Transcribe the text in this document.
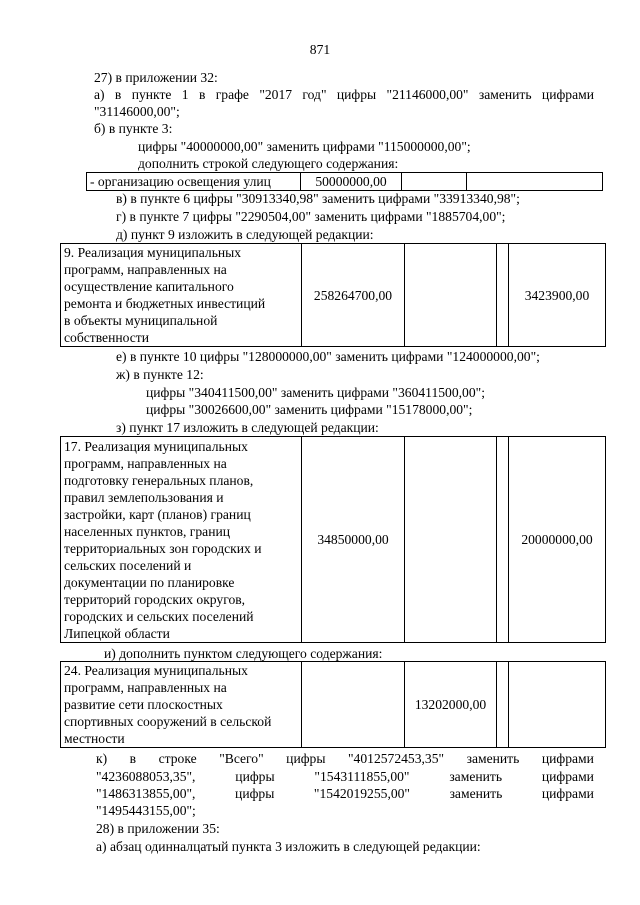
871
27) в приложении 32:
а) в пункте 1 в графе "2017 год" цифры "21146000,00" заменить цифрами
"31146000,00";
б) в пункте 3:
цифры "40000000,00" заменить цифрами "115000000,00";
дополнить строкой следующего содержания:
- организацию освещения улиц	50000000,00		
в) в пункте 6 цифры "30913340,98" заменить цифрами "33913340,98";
г) в пункте 7 цифры "2290504,00" заменить цифрами "1885704,00";
д) пункт 9 изложить в следующей редакции:
9. Реализация муниципальных
программ, направленных на
осуществление капитального
ремонта и бюджетных инвестиций
в объекты муниципальной
собственности
	258264700,00			3423900,00
е) в пункте 10 цифры "128000000,00" заменить цифрами "124000000,00";
ж) в пункте 12:
цифры "340411500,00" заменить цифрами "360411500,00";
цифры "30026600,00" заменить цифрами "15178000,00";
з) пункт 17 изложить в следующей редакции:
17. Реализация муниципальных
программ, направленных на
подготовку генеральных планов,
правил землепользования и
застройки, карт (планов) границ
населенных пунктов, границ
территориальных зон городских и
сельских поселений и
документации по планировке
территорий городских округов,
городских и сельских поселений
Липецкой области
	34850000,00			20000000,00
и) дополнить пунктом следующего содержания:
24. Реализация муниципальных
программ, направленных на
развитие сети плоскостных
спортивных сооружений в сельской
местности
		13202000,00		
к) в строке "Всего" цифры "4012572453,35" заменить цифрами
"4236088053,35",	цифры	"1543111855,00"	заменить	цифрами
"1486313855,00",	цифры	"1542019255,00"	заменить	цифрами
"1495443155,00";
28) в приложении 35:
а) абзац одинналцатый пункта 3 изложить в следующей редакции:
